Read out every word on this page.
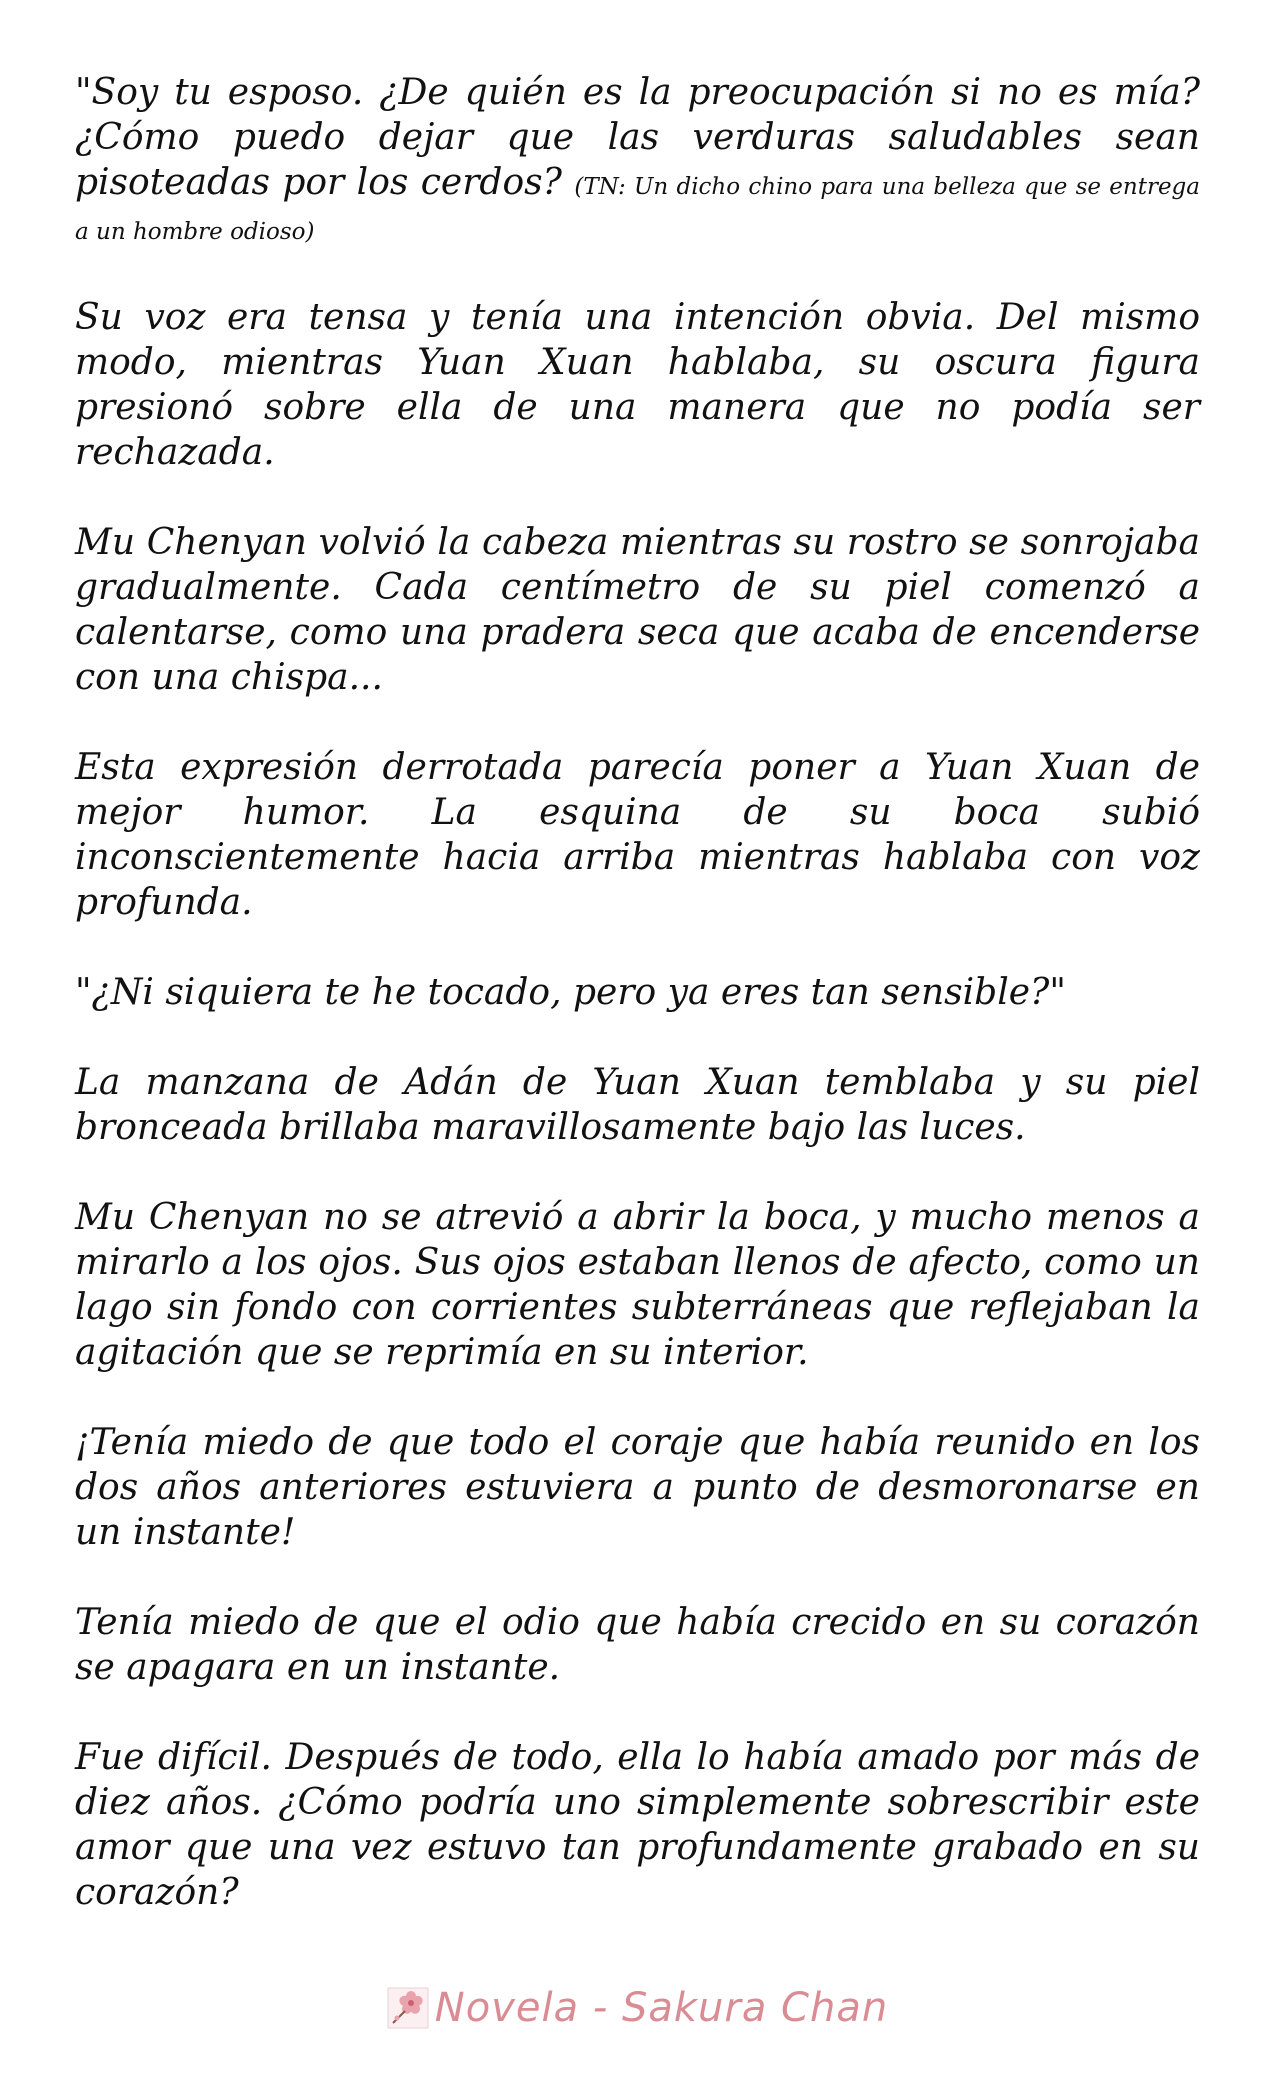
"Soy tu esposo. ¿De quién es la preocupación si no es mía? ¿Cómo puedo dejar que las verduras saludables sean pisoteadas por los cerdos? (TN: Un dicho chino para una belleza que se entrega a un hombre odioso)

Su voz era tensa y tenía una intención obvia. Del mismo modo, mientras Yuan Xuan hablaba, su oscura figura presionó sobre ella de una manera que no podía ser rechazada.

Mu Chenyan volvió la cabeza mientras su rostro se sonrojaba gradualmente. Cada centímetro de su piel comenzó a calentarse, como una pradera seca que acaba de encenderse con una chispa...

Esta expresión derrotada parecía poner a Yuan Xuan de mejor humor. La esquina de su boca subió inconscientemente hacia arriba mientras hablaba con voz profunda.

"¿Ni siquiera te he tocado, pero ya eres tan sensible?"

La manzana de Adán de Yuan Xuan temblaba y su piel bronceada brillaba maravillosamente bajo las luces.

Mu Chenyan no se atrevió a abrir la boca, y mucho menos a mirarlo a los ojos. Sus ojos estaban llenos de afecto, como un lago sin fondo con corrientes subterráneas que reflejaban la agitación que se reprimía en su interior.

¡Tenía miedo de que todo el coraje que había reunido en los dos años anteriores estuviera a punto de desmoronarse en un instante!

Tenía miedo de que el odio que había crecido en su corazón se apagara en un instante.

Fue difícil. Después de todo, ella lo había amado por más de diez años. ¿Cómo podría uno simplemente sobrescribir este amor que una vez estuvo tan profundamente grabado en su corazón?

Novela - Sakura Chan
